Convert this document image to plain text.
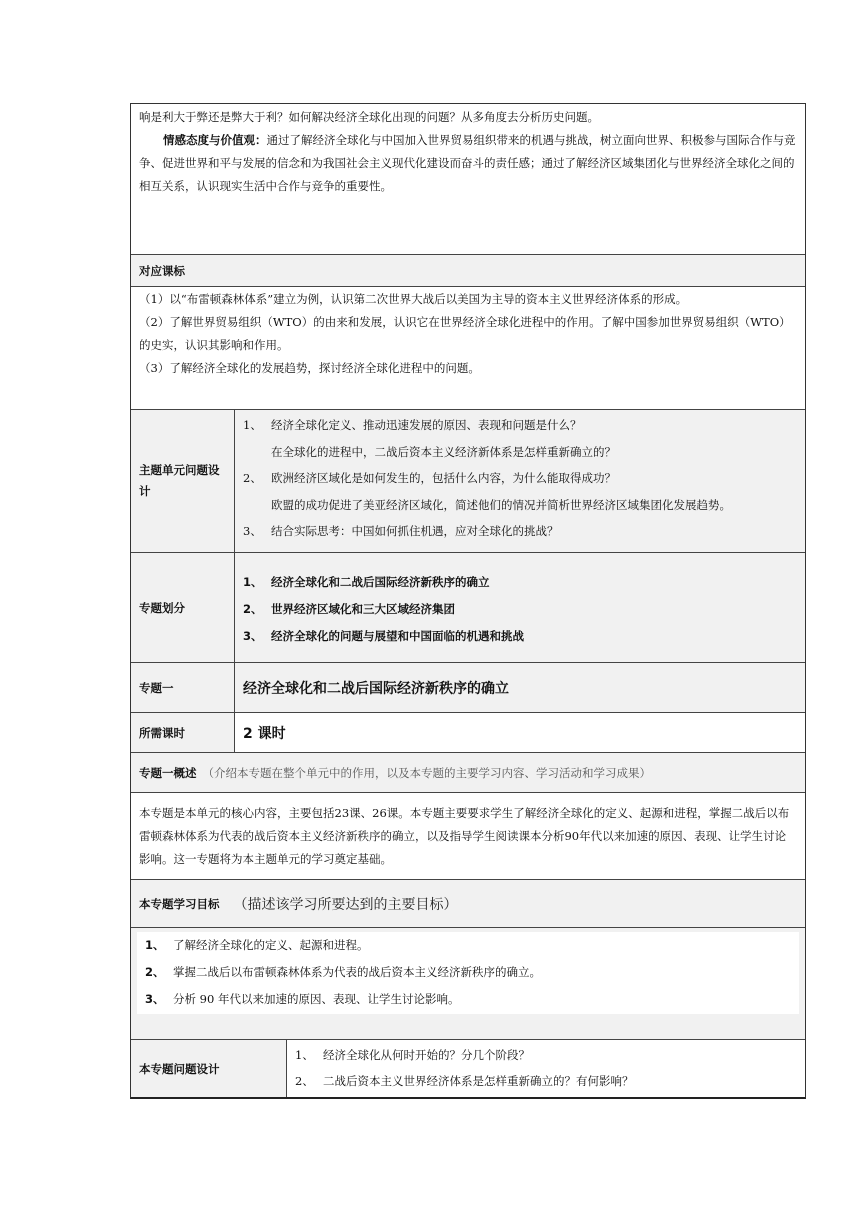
响是利大于弊还是弊大于利？如何解决经济全球化出现的问题？从多角度去分析历史问题。
情感态度与价值观：通过了解经济全球化与中国加入世界贸易组织带来的机遇与挑战，树立面向世界、积极参与国际合作与竞争、促进世界和平与发展的信念和为我国社会主义现代化建设而奋斗的责任感；通过了解经济区域集团化与世界经济全球化之间的相互关系，认识现实生活中合作与竞争的重要性。
对应课标
（1）以“布雷顿森林体系”建立为例，认识第二次世界大战后以美国为主导的资本主义世界经济体系的形成。
（2）了解世界贸易组织（WTO）的由来和发展，认识它在世界经济全球化进程中的作用。了解中国参加世界贸易组织（WTO）的史实，认识其影响和作用。
（3）了解经济全球化的发展趋势，探讨经济全球化进程中的问题。
主题单元问题设计
1、 经济全球化定义、推动迅速发展的原因、表现和问题是什么？
在全球化的进程中，二战后资本主义经济新体系是怎样重新确立的？
2、 欧洲经济区域化是如何发生的，包括什么内容，为什么能取得成功？
欧盟的成功促进了美亚经济区域化，简述他们的情况并简析世界经济区域集团化发展趋势。
3、 结合实际思考：中国如何抓住机遇，应对全球化的挑战？
专题划分
1、 经济全球化和二战后国际经济新秩序的确立
2、 世界经济区域化和三大区域经济集团
3、 经济全球化的问题与展望和中国面临的机遇和挑战
专题一	经济全球化和二战后国际经济新秩序的确立
所需课时	2 课时
专题一概述 （介绍本专题在整个单元中的作用，以及本专题的主要学习内容、学习活动和学习成果）
本专题是本单元的核心内容，主要包括23课、26课。本专题主要要求学生了解经济全球化的定义、起源和进程，掌握二战后以布雷顿森林体系为代表的战后资本主义经济新秩序的确立，以及指导学生阅读课本分析90年代以来加速的原因、表现、让学生讨论影响。这一专题将为本主题单元的学习奠定基础。
本专题学习目标 （描述该学习所要达到的主要目标）
1、 了解经济全球化的定义、起源和进程。
2、 掌握二战后以布雷顿森林体系为代表的战后资本主义经济新秩序的确立。
3、 分析 90 年代以来加速的原因、表现、让学生讨论影响。
本专题问题设计
1、 经济全球化从何时开始的？分几个阶段？
2、 二战后资本主义世界经济体系是怎样重新确立的？有何影响？
